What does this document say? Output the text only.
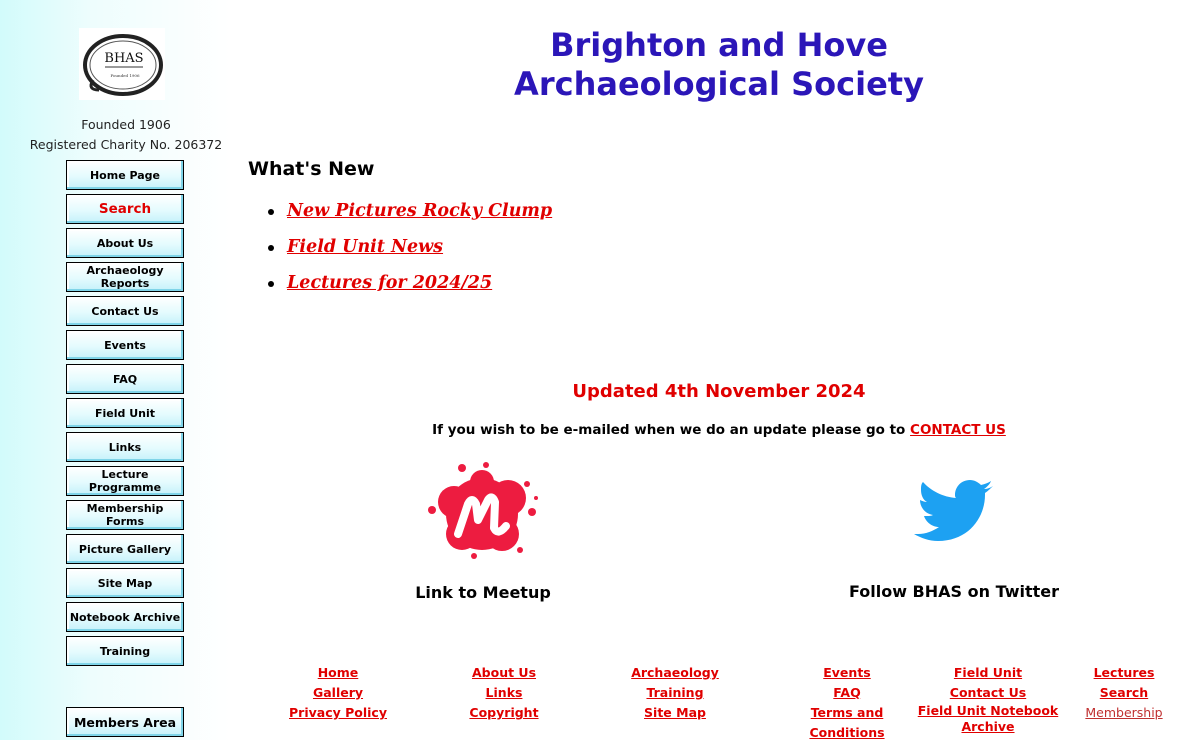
BHAS
Founded 1906
Founded 1906
Registered Charity No. 206372
Home Page
Search
About Us
Archaeology
Reports
Contact Us
Events
FAQ
Field Unit
Links
Lecture
Programme
Membership
Forms
Picture Gallery
Site Map
Notebook Archive
Training
Members Area
Brighton and Hove
Archaeological Society
What's New
New Pictures Rocky Clump
Field Unit News
Lectures for 2024/25
Updated 4th November 2024
If you wish to be e-mailed when we do an update please go to CONTACT US
Link to Meetup	Follow BHAS on Twitter
Home
Gallery
Privacy Policy
About Us
Links
Copyright
Archaeology
Training
Site Map
Events
FAQ
Terms and Conditions
Field Unit
Contact Us
Field Unit Notebook
Archive
Lectures
Search
Membership
